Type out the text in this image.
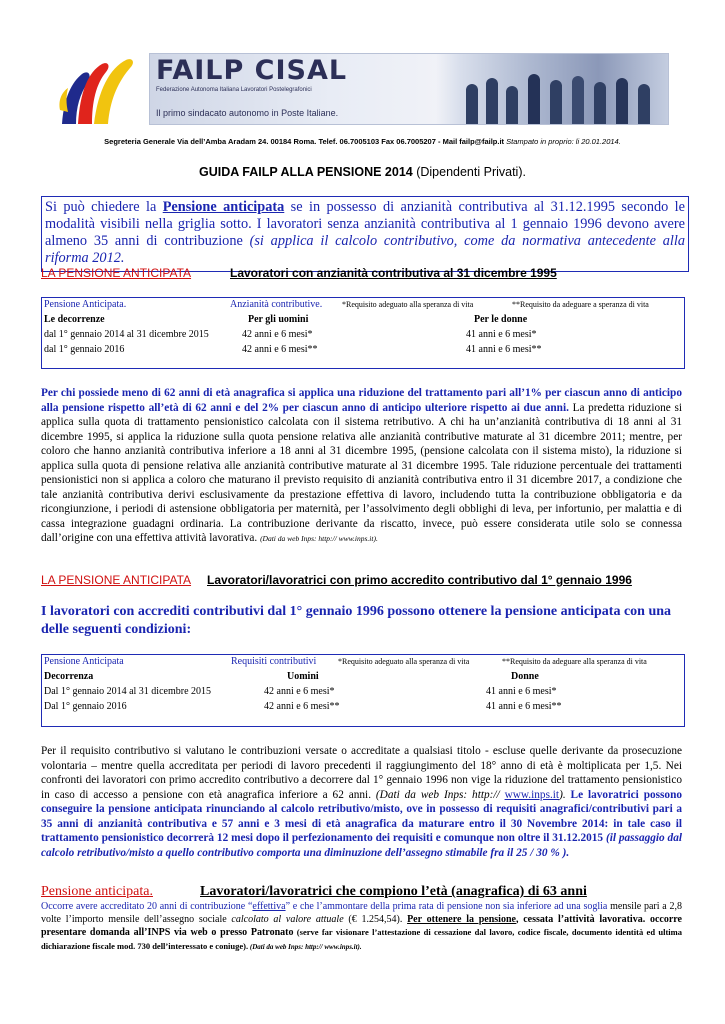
FAILP CISAL
Federazione Autonoma Italiana Lavoratori Postelegrafonici
Il primo sindacato autonomo in Poste Italiane.
Segreteria Generale Via dell’Amba Aradam 24. 00184 Roma. Telef. 06.7005103 Fax 06.7005207 - Mail failp@failp.it Stampato in proprio: li 20.01.2014.
GUIDA FAILP ALLA PENSIONE 2014 (Dipendenti Privati).
Si può chiedere la Pensione anticipata se in possesso di anzianità contributiva al 31.12.1995 secondo le modalità visibili nella griglia sotto. I lavoratori senza anzianità contributiva al 1 gennaio 1996 devono avere almeno 35 anni di contribuzione (si applica il calcolo contributivo, come da normativa antecedente alla riforma 2012.
LA PENSIONE ANTICIPATA	Lavoratori con anzianità contributiva al 31 dicembre 1995
Pensione Anticipata.	Anzianità contributive. *Requisito adeguato alla speranza di vita	**Requisito da adeguare a speranza di vita
Le decorrenze	Per gli uomini	Per le donne
dal 1° gennaio 2014 al 31 dicembre 2015	42 anni e 6 mesi*	41 anni e 6 mesi*
dal 1° gennaio 2016	42 anni e 6 mesi**	41 anni e 6 mesi**
Per chi possiede meno di 62 anni di età anagrafica si applica una riduzione del trattamento pari all’1% per ciascun anno di anticipo alla pensione rispetto all’età di 62 anni e del 2% per ciascun anno di anticipo ulteriore rispetto ai due anni. La predetta riduzione si applica sulla quota di trattamento pensionistico calcolata con il sistema retributivo. A chi ha un’anzianità contributiva di 18 anni al 31 dicembre 1995, si applica la riduzione sulla quota pensione relativa alle anzianità contributive maturate al 31 dicembre 2011; mentre, per coloro che hanno anzianità contributiva inferiore a 18 anni al 31 dicembre 1995, (pensione calcolata con il sistema misto), la riduzione si applica sulla quota di pensione relativa alle anzianità contributive maturate al 31 dicembre 1995. Tale riduzione percentuale dei trattamenti pensionistici non si applica a coloro che maturano il previsto requisito di anzianità contributiva entro il 31 dicembre 2017, a condizione che tale anzianità contributiva derivi esclusivamente da prestazione effettiva di lavoro, includendo tutta la contribuzione obbligatoria e da ricongiunzione, i periodi di astensione obbligatoria per maternità, per l’assolvimento degli obblighi di leva, per infortunio, per malattia e di cassa integrazione guadagni ordinaria. La contribuzione derivante da riscatto, invece, può essere considerata utile solo se connessa dall’origine con una effettiva attività lavorativa. (Dati da web Inps: http:// www.inps.it).
LA PENSIONE ANTICIPATA Lavoratori/lavoratrici con primo accredito contributivo dal 1° gennaio 1996
I lavoratori con accrediti contributivi dal 1° gennaio 1996 possono ottenere la pensione anticipata con una delle seguenti condizioni:
Pensione Anticipata	Requisiti contributivi	*Requisito adeguato alla speranza di vita	**Requisito da adeguare alla speranza di vita
Decorrenza	Uomini	Donne
Dal 1° gennaio 2014 al 31 dicembre 2015	42 anni e 6 mesi*	41 anni e 6 mesi*
Dal 1° gennaio 2016	42 anni e 6 mesi**	41 anni e 6 mesi**
Per il requisito contributivo si valutano le contribuzioni versate o accreditate a qualsiasi titolo - escluse quelle derivante da prosecuzione volontaria – mentre quella accreditata per periodi di lavoro precedenti il raggiungimento del 18° anno di età è moltiplicata per 1,5. Nei confronti dei lavoratori con primo accredito contributivo a decorrere dal 1° gennaio 1996 non vige la riduzione del trattamento pensionistico in caso di accesso a pensione con età anagrafica inferiore a 62 anni. (Dati da web Inps: http:// www.inps.it). Le lavoratrici possono conseguire la pensione anticipata rinunciando al calcolo retributivo/misto, ove in possesso di requisiti anagrafici/contributivi pari a 35 anni di anzianità contributiva e 57 anni e 3 mesi di età anagrafica da maturare entro il 30 Novembre 2014: in tale caso il trattamento pensionistico decorrerà 12 mesi dopo il perfezionamento dei requisiti e comunque non oltre il 31.12.2015 (il passaggio dal calcolo retributivo/misto a quello contributivo comporta una diminuzione dell’assegno stimabile fra il 25 / 30 % ).
Pensione anticipata.	Lavoratori/lavoratrici che compiono l’età (anagrafica) di 63 anni
Occorre avere accreditato 20 anni di contribuzione “effettiva” e che l’ammontare della prima rata di pensione non sia inferiore ad una soglia mensile pari a 2,8 volte l’importo mensile dell’assegno sociale calcolato al valore attuale (€ 1.254,54). Per ottenere la pensione, cessata l’attività lavorativa. occorre presentare domanda all’INPS via web o presso Patronato (serve far visionare l’attestazione di cessazione dal lavoro, codice fiscale, documento identità ed ultima dichiarazione fiscale mod. 730 dell’interessato e coniuge). (Dati da web Inps: http:// www.inps.it).
